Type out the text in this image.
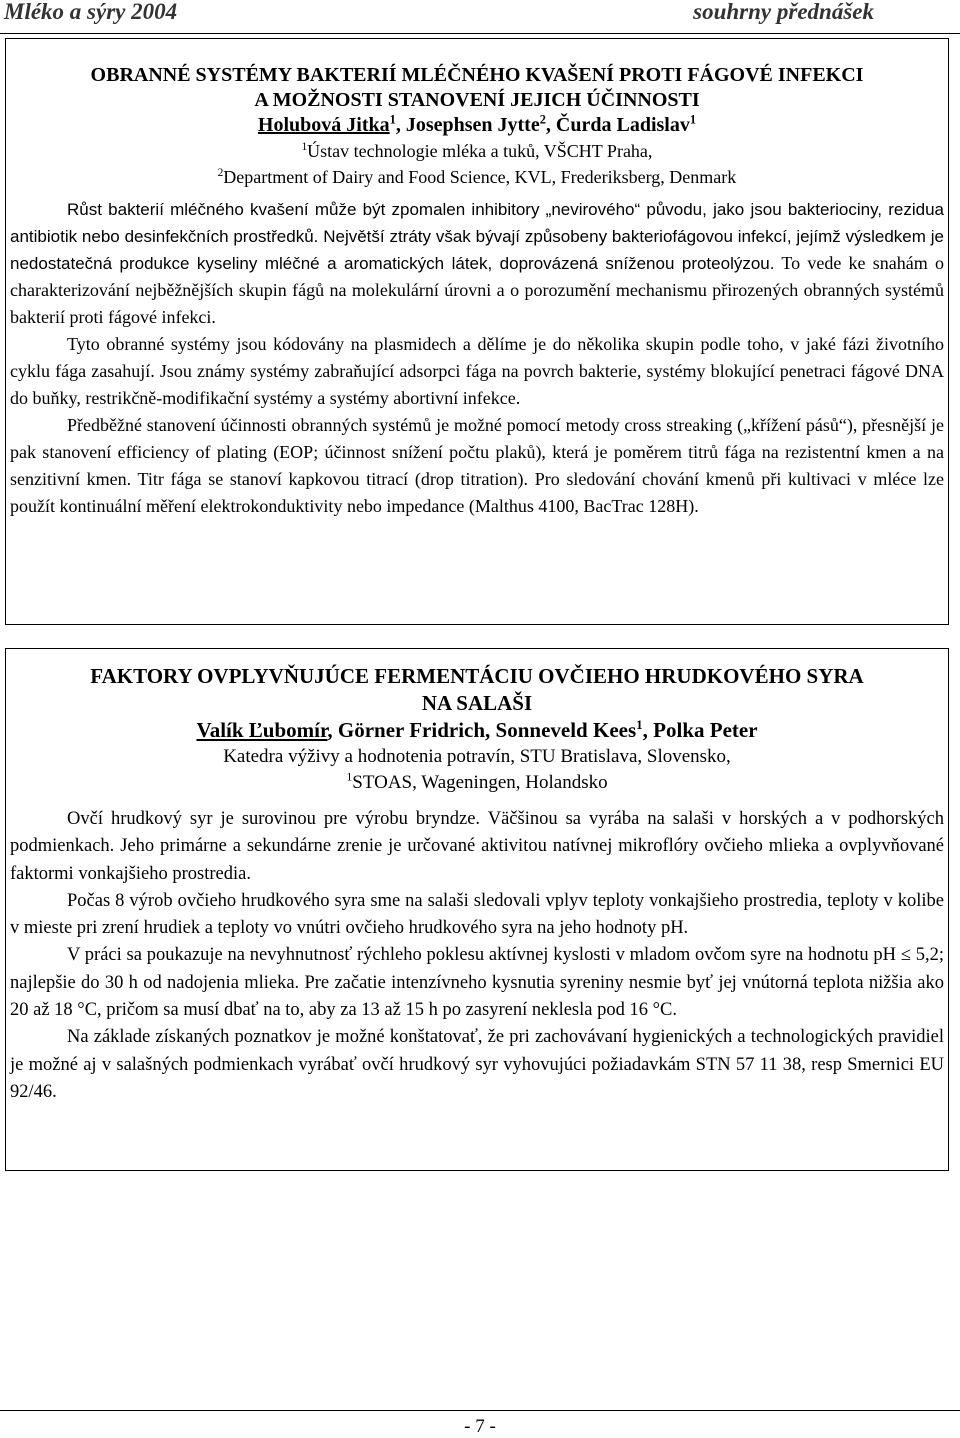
Mléko a sýry 2004	souhrny přednášek
OBRANNÉ SYSTÉMY BAKTERIÍ MLÉČNÉHO KVAŠENÍ PROTI FÁGOVÉ INFEKCI
A MOŽNOSTI STANOVENÍ JEJICH ÚČINNOSTI
Holubová Jitka$^1$, Josephsen Jytte$^2$, Čurda Ladislav$^1$
$^1$Ústav technologie mléka a tuků, VŠCHT Praha,
$^2$Department of Dairy and Food Science, KVL, Frederiksberg, Denmark

Růst bakterií mléčného kvašení může být zpomalen inhibitory „nevirového“ původu, jako jsou bakteriociny, rezidua antibiotik nebo desinfekčních prostředků. Největší ztráty však bývají způsobeny bakteriofágovou infekcí, jejímž výsledkem je nedostatečná produkce kyseliny mléčné a aromatických látek, doprovázená sníženou proteolýzou. To vede ke snahám o charakterizování nejběžnějších skupin fágů na molekulární úrovni a o porozumění mechanismu přirozených obranných systémů bakterií proti fágové infekci.

Tyto obranné systémy jsou kódovány na plasmidech a dělíme je do několika skupin podle toho, v jaké fázi životního cyklu fága zasahují. Jsou známy systémy zabraňující adsorpci fága na povrch bakterie, systémy blokující penetraci fágové DNA do buňky, restrikčně-modifikační systémy a systémy abortivní infekce.

Předběžné stanovení účinnosti obranných systémů je možné pomocí metody cross streaking („křížení pásů“), přesnější je pak stanovení efficiency of plating (EOP; účinnost snížení počtu plaků), která je poměrem titrů fága na rezistentní kmen a na senzitivní kmen. Titr fága se stanoví kapkovou titrací (drop titration). Pro sledování chování kmenů při kultivaci v mléce lze použít kontinuální měření elektrokonduktivity nebo impedance (Malthus 4100, BacTrac 128H).

FAKTORY OVPLYVŇUJÚCE FERMENTÁCIU OVČIEHO HRUDKOVÉHO SYRA
NA SALAŠI
Valík Ľubomír, Görner Fridrich, Sonneveld Kees$^1$, Polka Peter
Katedra výživy a hodnotenia potravín, STU Bratislava, Slovensko,
$^1$STOAS, Wageningen, Holandsko

Ovčí hrudkový syr je surovinou pre výrobu bryndze. Väčšinou sa vyrába na salaši v horských a v podhorských podmienkach. Jeho primárne a sekundárne zrenie je určované aktivitou natívnej mikroflóry ovčieho mlieka a ovplyvňované faktormi vonkajšieho prostredia.

Počas 8 výrob ovčieho hrudkového syra sme na salaši sledovali vplyv teploty vonkajšieho prostredia, teploty v kolibe v mieste pri zrení hrudiek a teploty vo vnútri ovčieho hrudkového syra na jeho hodnoty pH.

V práci sa poukazuje na nevyhnutnosť rýchleho poklesu aktívnej kyslosti v mladom ovčom syre na hodnotu pH ≤ 5,2; najlepšie do 30 h od nadojenia mlieka. Pre začatie intenzívneho kysnutia syreniny nesmie byť jej vnútorná teplota nižšia ako 20 až 18 °C, pričom sa musí dbať na to, aby za 13 až 15 h po zasyrení neklesla pod 16 °C.

Na základe získaných poznatkov je možné konštatovať, že pri zachovávaní hygienických a technologických pravidiel je možné aj v salašných podmienkach vyrábať ovčí hrudkový syr vyhovujúci požiadavkám STN 57 11 38, resp Smernici EU 92/46.

- 7 -
